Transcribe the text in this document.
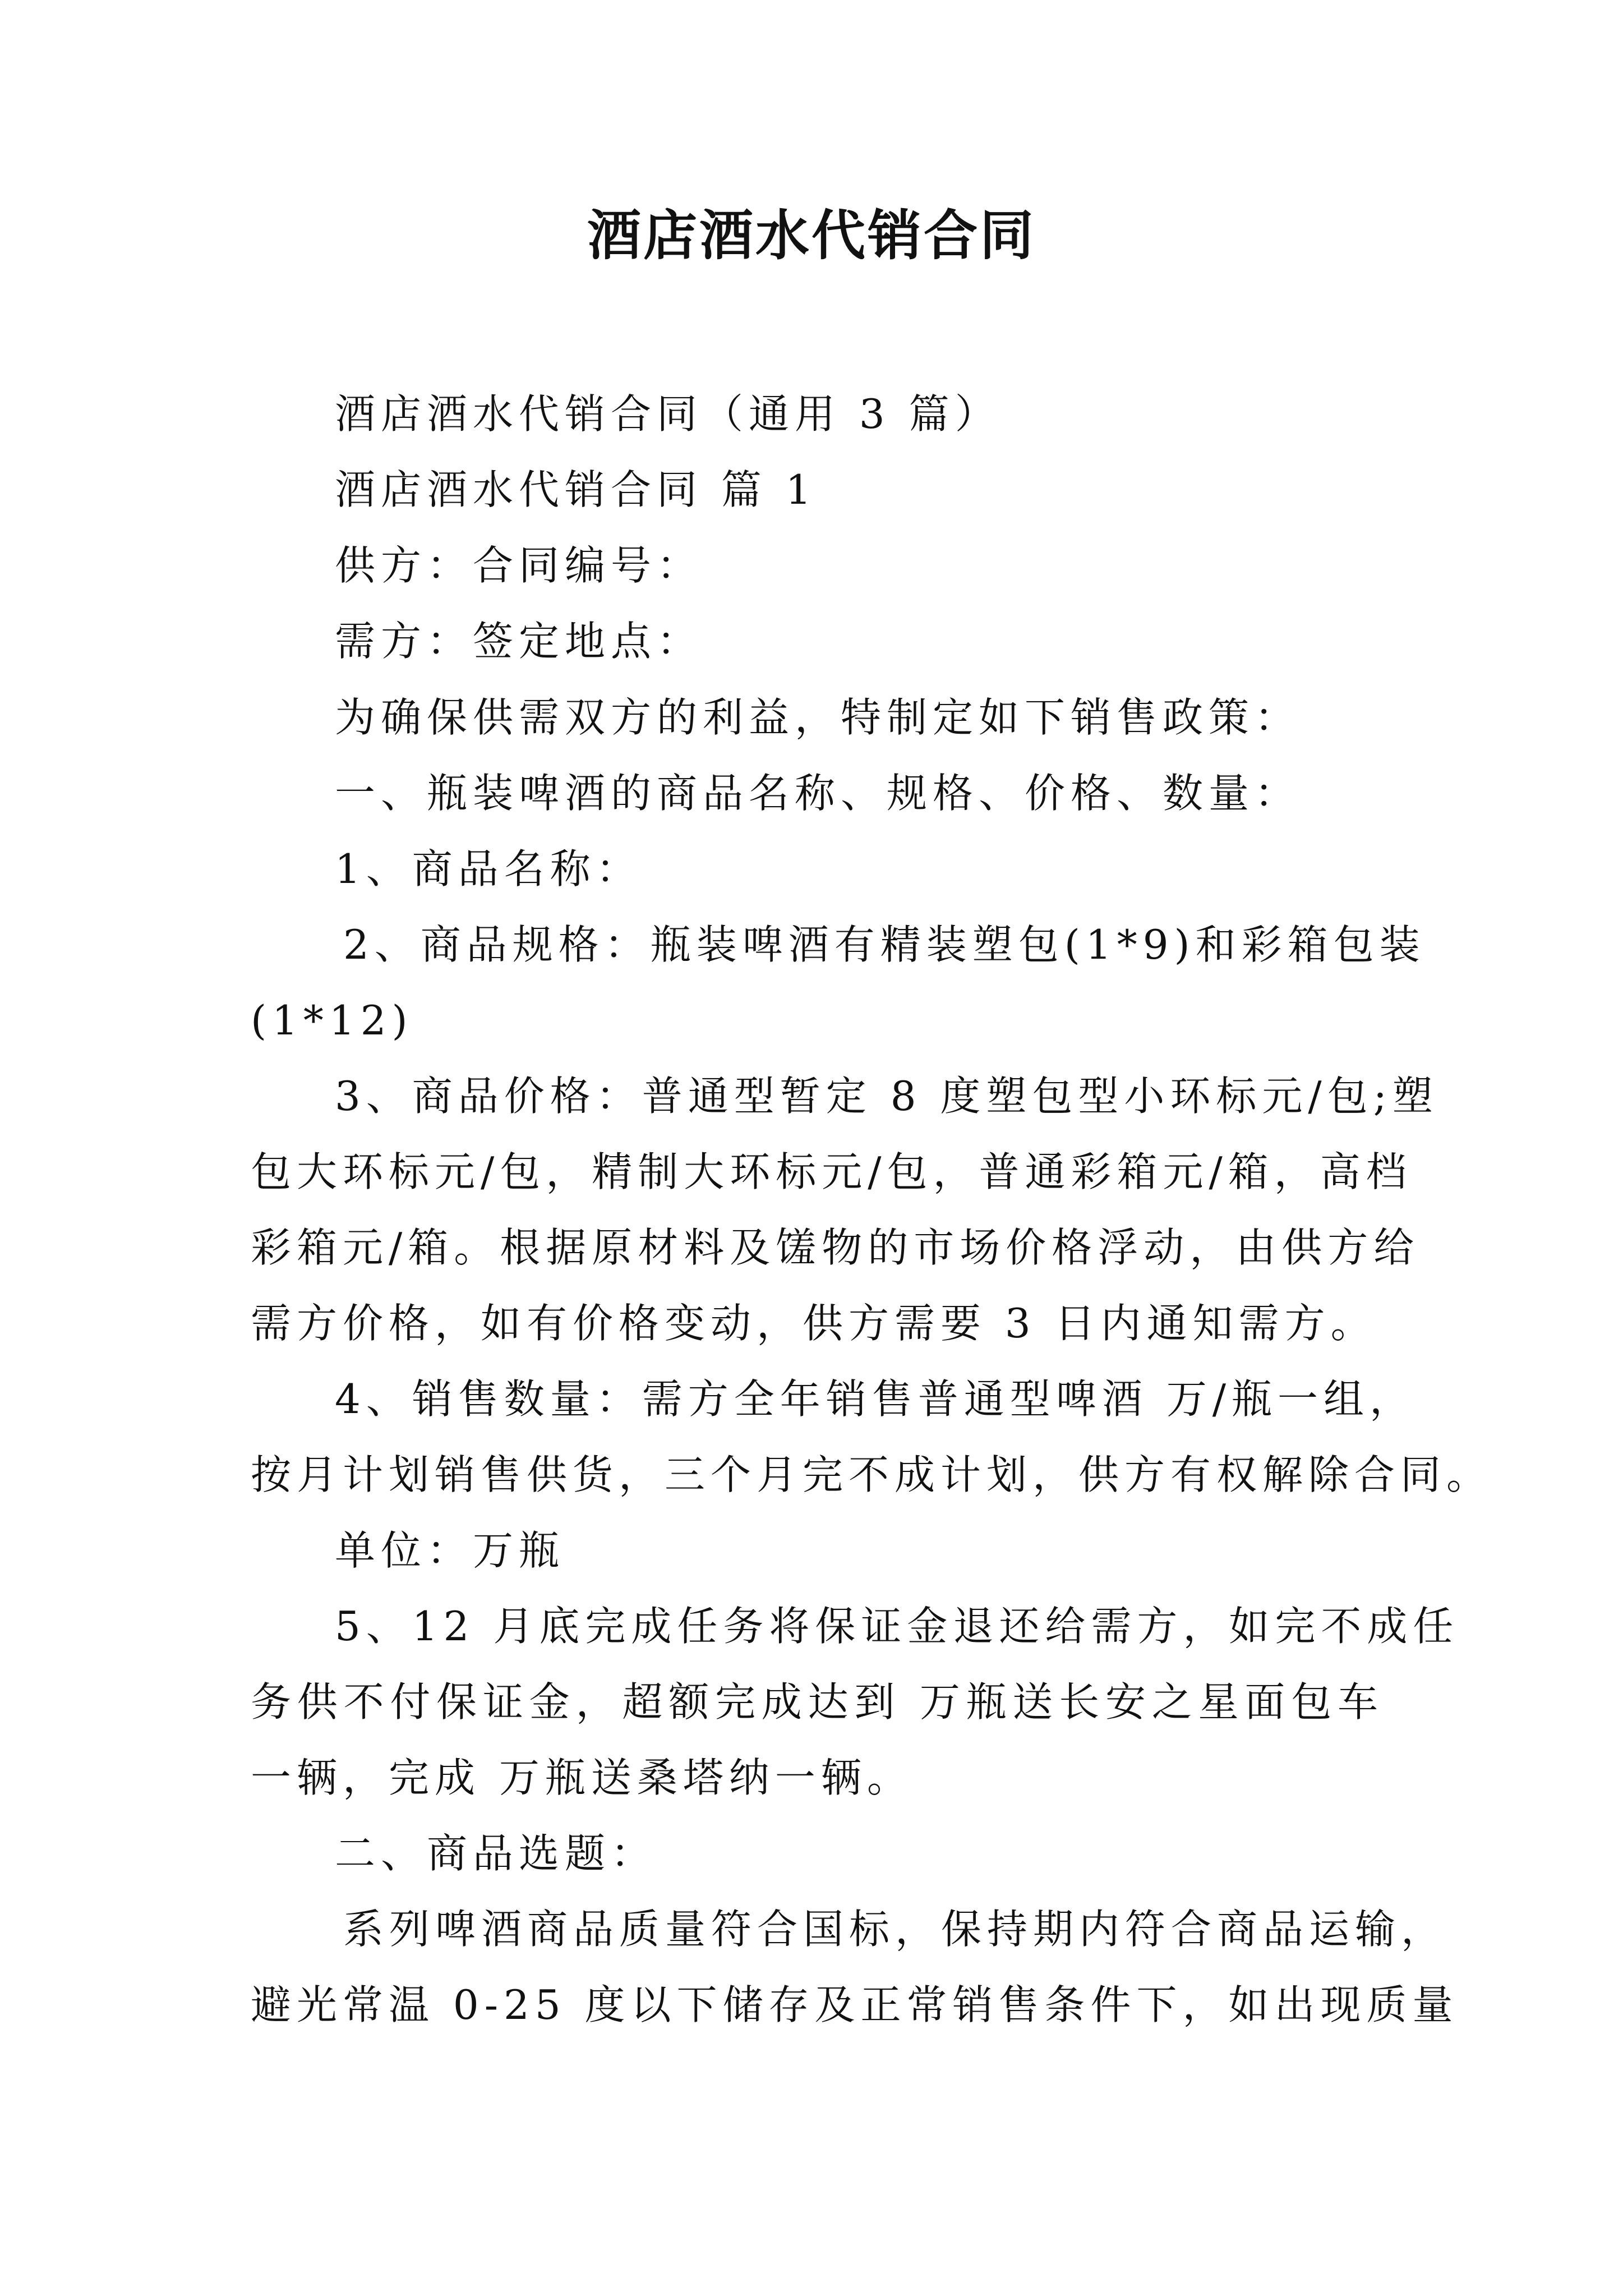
酒店酒水代销合同
酒店酒水代销合同（通用 3 篇）
酒店酒水代销合同 篇 1
供方：合同编号：
需方：签定地点：
为确保供需双方的利益，特制定如下销售政策：
一、瓶装啤酒的商品名称、规格、价格、数量：
1、商品名称：
2、商品规格：瓶装啤酒有精装塑包(1*9)和彩箱包装
(1*12)
3、商品价格：普通型暂定 8 度塑包型小环标元/包;塑
包大环标元/包，精制大环标元/包，普通彩箱元/箱，高档
彩箱元/箱。根据原材料及馐物的市场价格浮动，由供方给
需方价格，如有价格变动，供方需要 3 日内通知需方。
4、销售数量：需方全年销售普通型啤酒 万/瓶一组，
按月计划销售供货，三个月完不成计划，供方有权解除合同。
单位：万瓶
5、12 月底完成任务将保证金退还给需方，如完不成任
务供不付保证金，超额完成达到 万瓶送长安之星面包车
一辆，完成 万瓶送桑塔纳一辆。
二、商品选题：
系列啤酒商品质量符合国标，保持期内符合商品运输，
避光常温 0-25 度以下储存及正常销售条件下，如出现质量
